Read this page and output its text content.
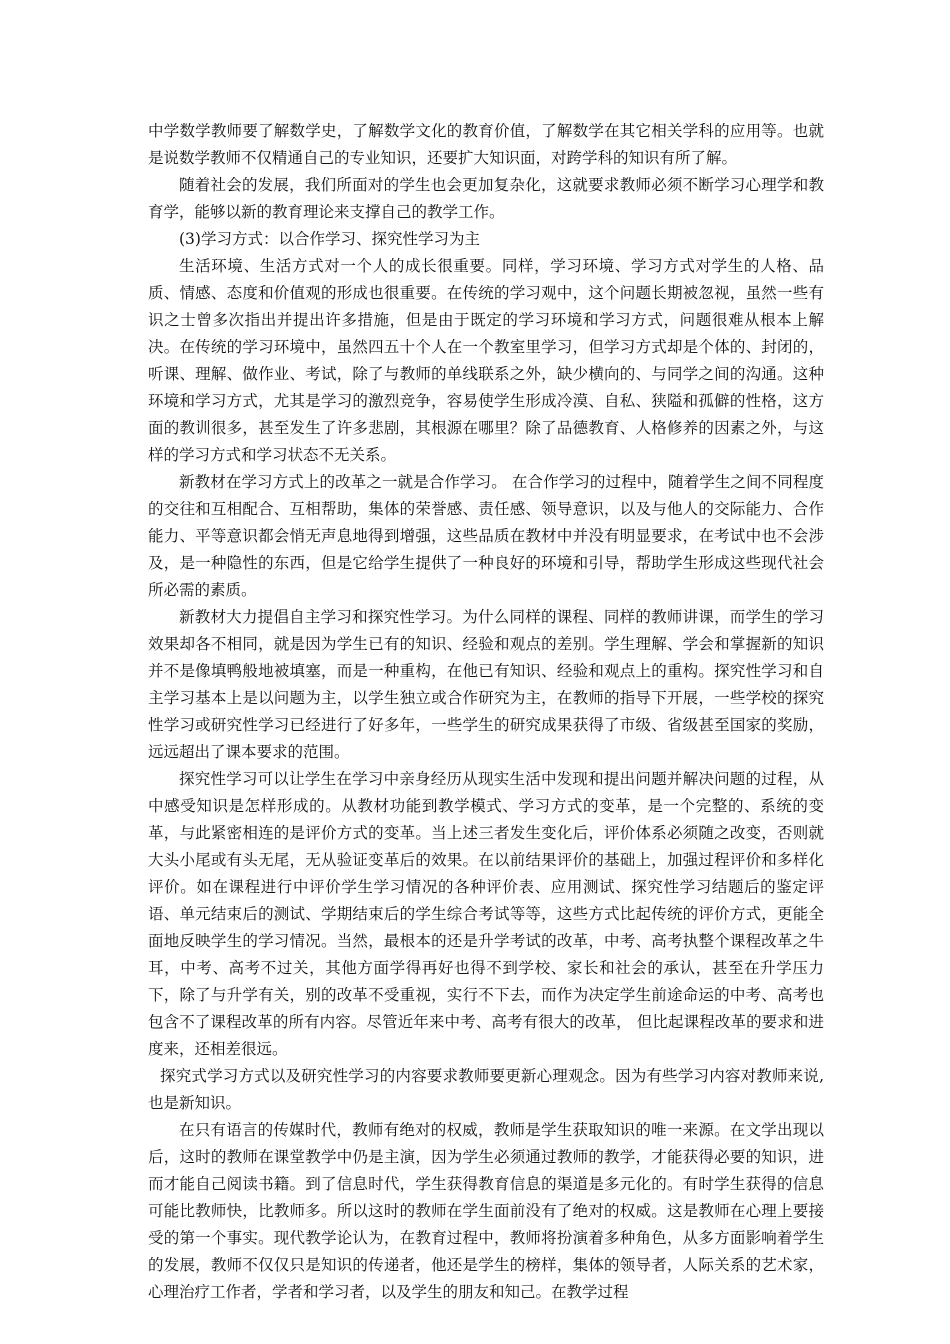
中学数学教师要了解数学史，了解数学文化的教育价值，了解数学在其它相关学科的应用等。也就是说数学教师不仅精通自己的专业知识，还要扩大知识面，对跨学科的知识有所了解。

随着社会的发展，我们所面对的学生也会更加复杂化，这就要求教师必须不断学习心理学和教育学，能够以新的教育理论来支撑自己的教学工作。

(3)学习方式：以合作学习、探究性学习为主

生活环境、生活方式对一个人的成长很重要。同样，学习环境、学习方式对学生的人格、品质、情感、态度和价值观的形成也很重要。在传统的学习观中，这个问题长期被忽视，虽然一些有识之士曾多次指出并提出许多措施，但是由于既定的学习环境和学习方式，问题很难从根本上解决。在传统的学习环境中，虽然四五十个人在一个教室里学习，但学习方式却是个体的、封闭的，听课、理解、做作业、考试，除了与教师的单线联系之外，缺少横向的、与同学之间的沟通。这种环境和学习方式，尤其是学习的激烈竞争，容易使学生形成冷漠、自私、狭隘和孤僻的性格，这方面的教训很多，甚至发生了许多悲剧，其根源在哪里？除了品德教育、人格修养的因素之外，与这样的学习方式和学习状态不无关系。

新教材在学习方式上的改革之一就是合作学习。 在合作学习的过程中，随着学生之间不同程度的交往和互相配合、互相帮助，集体的荣誉感、责任感、领导意识，以及与他人的交际能力、合作能力、平等意识都会悄无声息地得到增强，这些品质在教材中并没有明显要求，在考试中也不会涉及，是一种隐性的东西，但是它给学生提供了一种良好的环境和引导，帮助学生形成这些现代社会所必需的素质。

新教材大力提倡自主学习和探究性学习。为什么同样的课程、同样的教师讲课，而学生的学习效果却各不相同，就是因为学生已有的知识、经验和观点的差别。学生理解、学会和掌握新的知识并不是像填鸭般地被填塞，而是一种重构，在他已有知识、经验和观点上的重构。探究性学习和自主学习基本上是以问题为主，以学生独立或合作研究为主，在教师的指导下开展，一些学校的探究性学习或研究性学习已经进行了好多年，一些学生的研究成果获得了市级、省级甚至国家的奖励，远远超出了课本要求的范围。

探究性学习可以让学生在学习中亲身经历从现实生活中发现和提出问题并解决问题的过程，从中感受知识是怎样形成的。从教材功能到教学模式、学习方式的变革，是一个完整的、系统的变革，与此紧密相连的是评价方式的变革。当上述三者发生变化后，评价体系必须随之改变，否则就大头小尾或有头无尾，无从验证变革后的效果。在以前结果评价的基础上，加强过程评价和多样化评价。如在课程进行中评价学生学习情况的各种评价表、应用测试、探究性学习结题后的鉴定评语、单元结束后的测试、学期结束后的学生综合考试等等，这些方式比起传统的评价方式，更能全面地反映学生的学习情况。当然，最根本的还是升学考试的改革，中考、高考执整个课程改革之牛耳，中考、高考不过关，其他方面学得再好也得不到学校、家长和社会的承认，甚至在升学压力下，除了与升学有关，别的改革不受重视，实行不下去，而作为决定学生前途命运的中考、高考也包含不了课程改革的所有内容。尽管近年来中考、高考有很大的改革， 但比起课程改革的要求和进度来，还相差很远。

探究式学习方式以及研究性学习的内容要求教师要更新心理观念。因为有些学习内容对教师来说,也是新知识。

在只有语言的传媒时代，教师有绝对的权威，教师是学生获取知识的唯一来源。在文学出现以后，这时的教师在课堂教学中仍是主演，因为学生必须通过教师的教学，才能获得必要的知识，进而才能自己阅读书籍。到了信息时代，学生获得教育信息的渠道是多元化的。有时学生获得的信息可能比教师快，比教师多。所以这时的教师在学生面前没有了绝对的权威。这是教师在心理上要接受的第一个事实。现代教学论认为，在教育过程中，教师将扮演着多种角色，从多方面影响着学生的发展，教师不仅仅只是知识的传递者，他还是学生的榜样，集体的领导者，人际关系的艺术家，心理治疗工作者，学者和学习者，以及学生的朋友和知己。在教学过程
